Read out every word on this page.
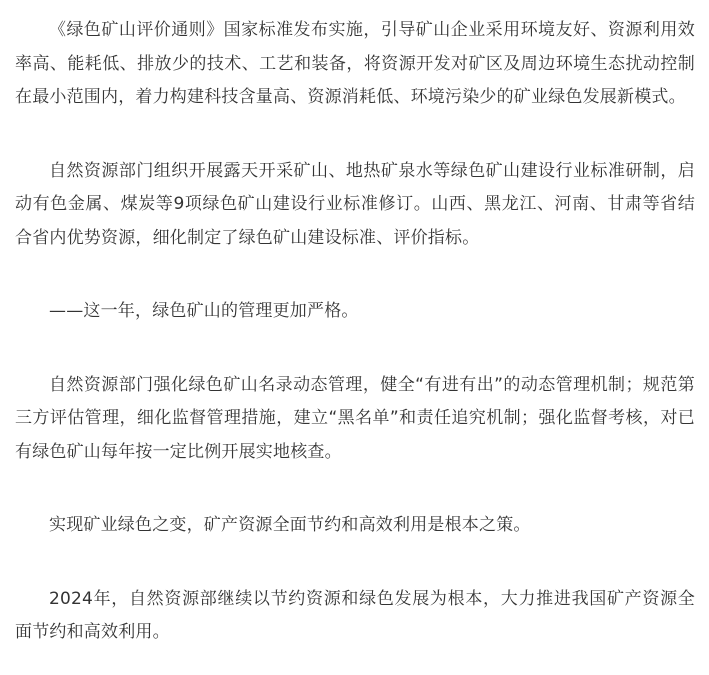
《绿色矿山评价通则》国家标准发布实施，引导矿山企业采用环境友好、资源利用效率高、能耗低、排放少的技术、工艺和装备，将资源开发对矿区及周边环境生态扰动控制在最小范围内，着力构建科技含量高、资源消耗低、环境污染少的矿业绿色发展新模式。

自然资源部门组织开展露天开采矿山、地热矿泉水等绿色矿山建设行业标准研制，启动有色金属、煤炭等9项绿色矿山建设行业标准修订。山西、黑龙江、河南、甘肃等省结合省内优势资源，细化制定了绿色矿山建设标准、评价指标。

——这一年，绿色矿山的管理更加严格。

自然资源部门强化绿色矿山名录动态管理，健全“有进有出”的动态管理机制；规范第三方评估管理，细化监督管理措施，建立“黑名单”和责任追究机制；强化监督考核，对已有绿色矿山每年按一定比例开展实地核查。

实现矿业绿色之变，矿产资源全面节约和高效利用是根本之策。

2024年，自然资源部继续以节约资源和绿色发展为根本，大力推进我国矿产资源全面节约和高效利用。
